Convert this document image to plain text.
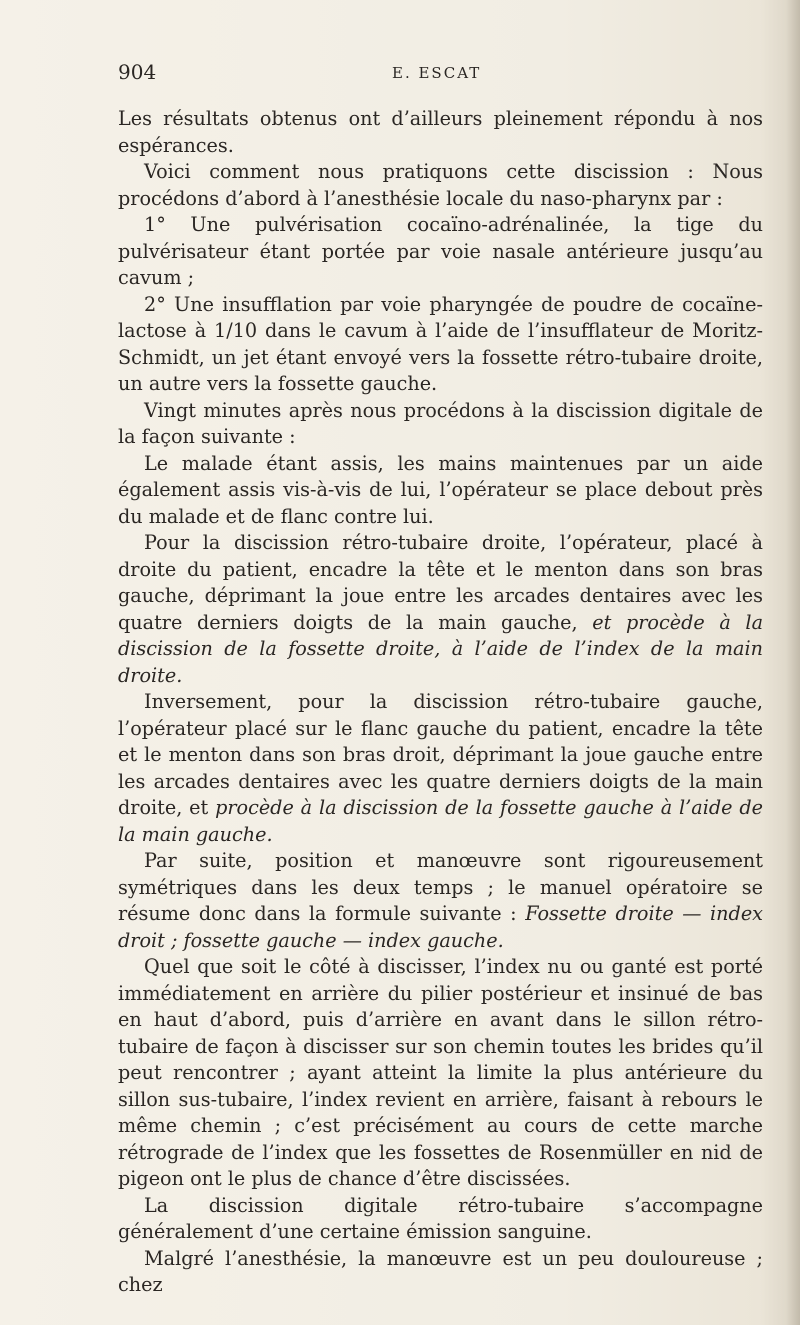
904	E. ESCAT

Les résultats obtenus ont d’ailleurs pleinement répondu à nos espérances.

Voici comment nous pratiquons cette discission : Nous procédons d’abord à l’anesthésie locale du naso-pharynx par :

1° Une pulvérisation cocaïno-adrénalinée, la tige du pulvérisateur étant portée par voie nasale antérieure jusqu’au cavum ;

2° Une insufflation par voie pharyngée de poudre de cocaïne-lactose à 1/10 dans le cavum à l’aide de l’insufflateur de Moritz-Schmidt, un jet étant envoyé vers la fossette rétro-tubaire droite, un autre vers la fossette gauche.

Vingt minutes après nous procédons à la discission digitale de la façon suivante :

Le malade étant assis, les mains maintenues par un aide également assis vis-à-vis de lui, l’opérateur se place debout près du malade et de flanc contre lui.

Pour la discission rétro-tubaire droite, l’opérateur, placé à droite du patient, encadre la tête et le menton dans son bras gauche, déprimant la joue entre les arcades dentaires avec les quatre derniers doigts de la main gauche, et procède à la discission de la fossette droite, à l’aide de l’index de la main droite.

Inversement, pour la discission rétro-tubaire gauche, l’opérateur placé sur le flanc gauche du patient, encadre la tête et le menton dans son bras droit, déprimant la joue gauche entre les arcades dentaires avec les quatre derniers doigts de la main droite, et procède à la discission de la fossette gauche à l’aide de la main gauche.

Par suite, position et manœuvre sont rigoureusement symétriques dans les deux temps ; le manuel opératoire se résume donc dans la formule suivante : Fossette droite — index droit ; fossette gauche — index gauche.

Quel que soit le côté à discisser, l’index nu ou ganté est porté immédiatement en arrière du pilier postérieur et insinué de bas en haut d’abord, puis d’arrière en avant dans le sillon rétro-tubaire de façon à discisser sur son chemin toutes les brides qu’il peut rencontrer ; ayant atteint la limite la plus antérieure du sillon sus-tubaire, l’index revient en arrière, faisant à rebours le même chemin ; c’est précisément au cours de cette marche rétrograde de l’index que les fossettes de Rosenmüller en nid de pigeon ont le plus de chance d’être discissées.

La discission digitale rétro-tubaire s’accompagne généralement d’une certaine émission sanguine.

Malgré l’anesthésie, la manœuvre est un peu douloureuse ; chez
